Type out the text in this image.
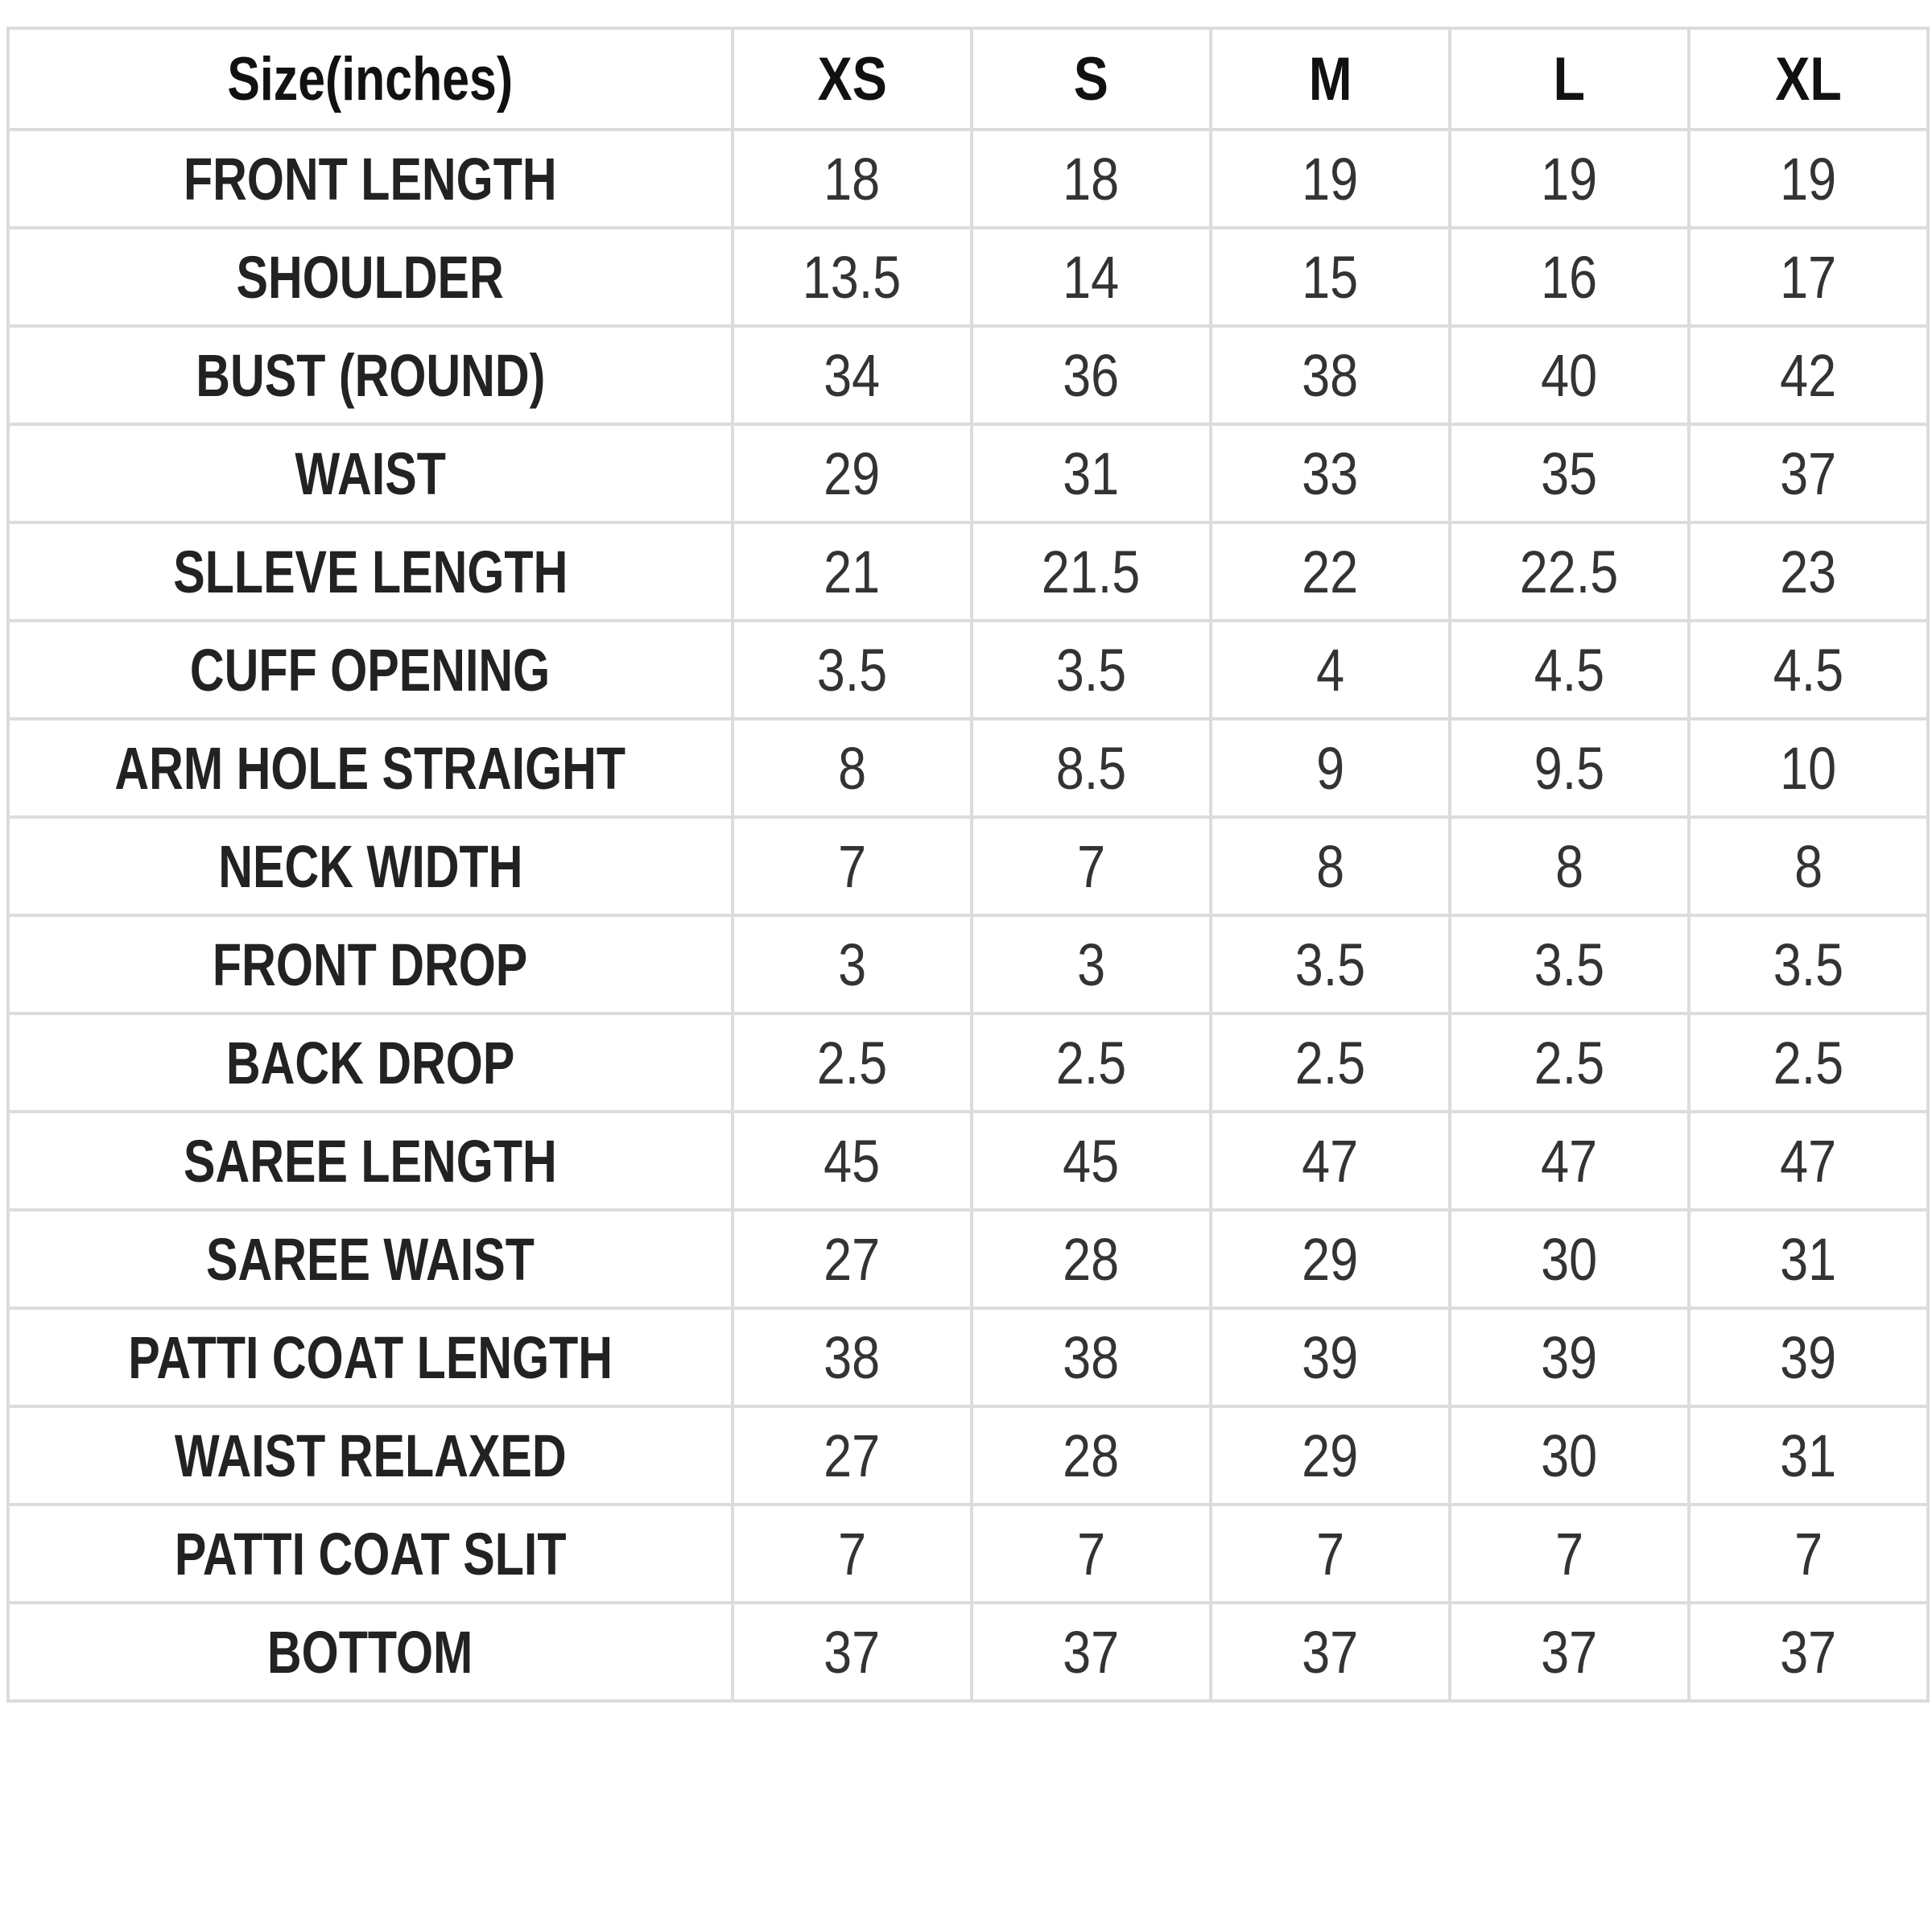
Size(inches)	XS	S	M	L	XL
FRONT LENGTH	18	18	19	19	19
SHOULDER	13.5	14	15	16	17
BUST (ROUND)	34	36	38	40	42
WAIST	29	31	33	35	37
SLLEVE LENGTH	21	21.5	22	22.5	23
CUFF OPENING	3.5	3.5	4	4.5	4.5
ARM HOLE STRAIGHT	8	8.5	9	9.5	10
NECK WIDTH	7	7	8	8	8
FRONT DROP	3	3	3.5	3.5	3.5
BACK DROP	2.5	2.5	2.5	2.5	2.5
SAREE LENGTH	45	45	47	47	47
SAREE WAIST	27	28	29	30	31
PATTI COAT LENGTH	38	38	39	39	39
WAIST RELAXED	27	28	29	30	31
PATTI COAT SLIT	7	7	7	7	7
BOTTOM	37	37	37	37	37
